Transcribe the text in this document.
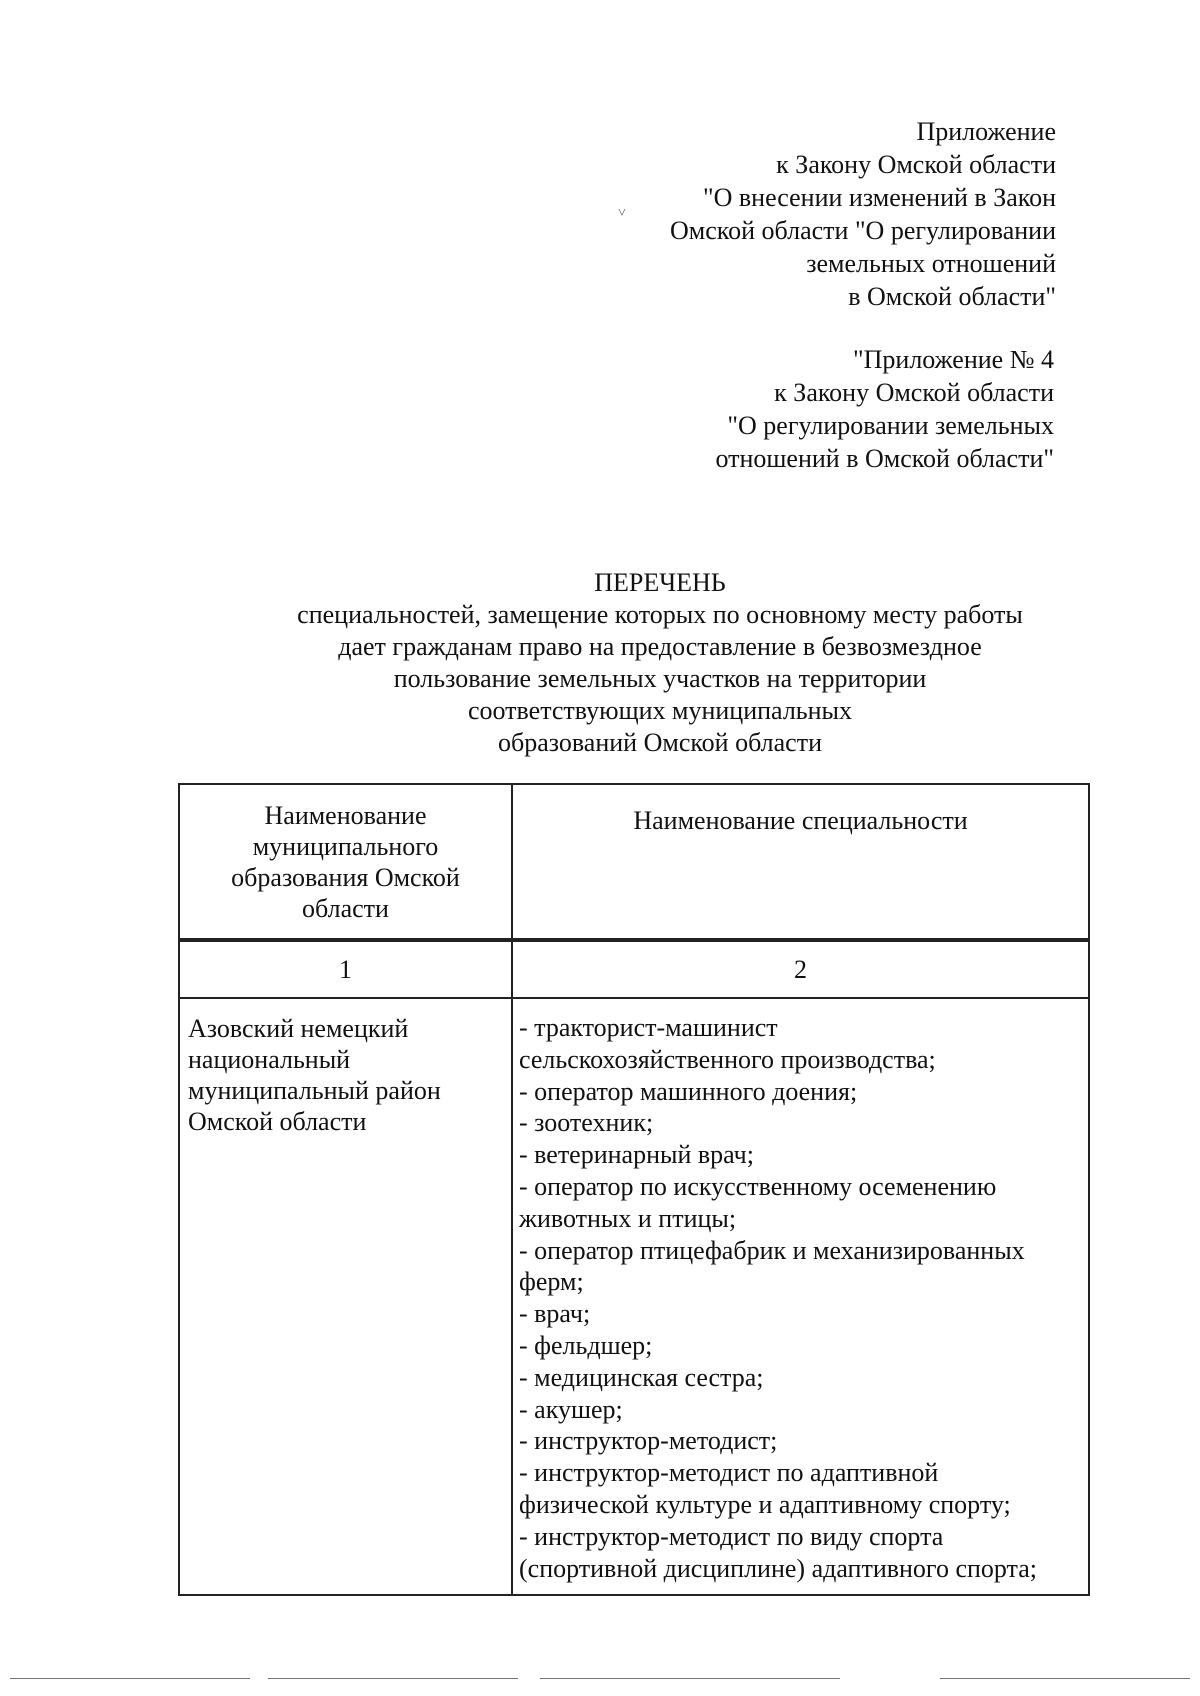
˅
Приложение
к Закону Омской области
"О внесении изменений в Закон
Омской области "О регулировании
земельных отношений
в Омской области"
"Приложение № 4
к Закону Омской области
"О регулировании земельных
отношений в Омской области"
ПЕРЕЧЕНЬ
специальностей, замещение которых по основному месту работы
дает гражданам право на предоставление в безвозмездное
пользование земельных участков на территории
соответствующих муниципальных
образований Омской области
Наименование
муниципального
образования Омской
области
Наименование специальности
1	2
Азовский немецкий
национальный
муниципальный район
Омской области
- тракторист-машинист
сельскохозяйственного производства;
- оператор машинного доения;
- зоотехник;
- ветеринарный врач;
- оператор по искусственному осеменению
животных и птицы;
- оператор птицефабрик и механизированных
ферм;
- врач;
- фельдшер;
- медицинская сестра;
- акушер;
- инструктор-методист;
- инструктор-методист по адаптивной
физической культуре и адаптивному спорту;
- инструктор-методист по виду спорта
(спортивной дисциплине) адаптивного спорта;
